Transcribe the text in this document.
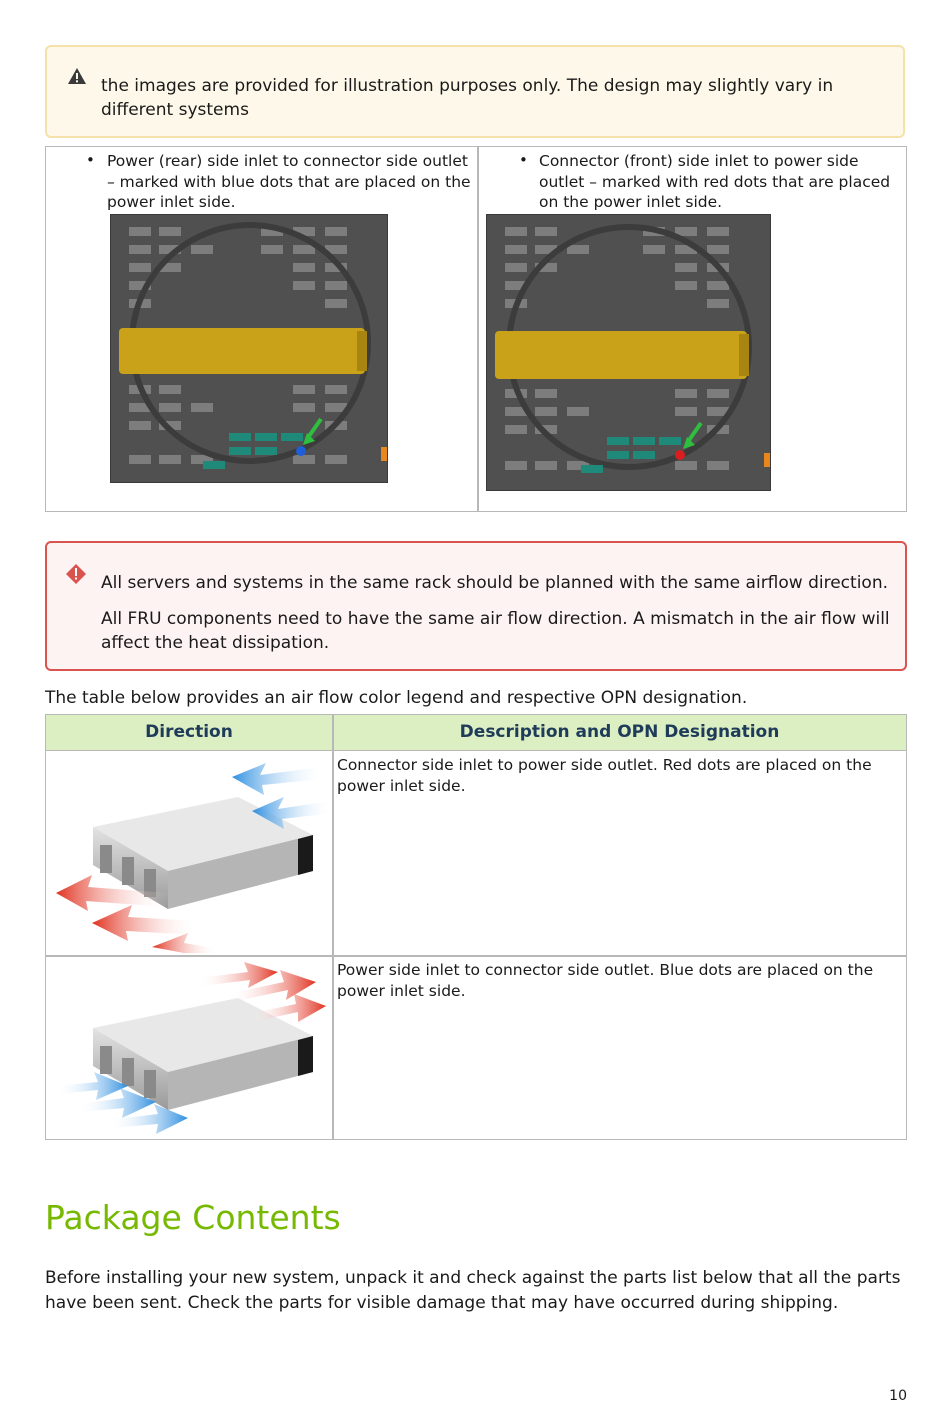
the images are provided for illustration purposes only. The design may slightly vary in different systems
• Power (rear) side inlet to connector side outlet – marked with blue dots that are placed on the power inlet side.
• Connector (front) side inlet to power side outlet – marked with red dots that are placed on the power inlet side.
All servers and systems in the same rack should be planned with the same airflow direction.
All FRU components need to have the same air flow direction. A mismatch in the air flow will affect the heat dissipation.
The table below provides an air flow color legend and respective OPN designation.
Direction	Description and OPN Designation
Connector side inlet to power side outlet. Red dots are placed on the power inlet side.
Power side inlet to connector side outlet. Blue dots are placed on the power inlet side.
Package Contents
Before installing your new system, unpack it and check against the parts list below that all the parts have been sent. Check the parts for visible damage that may have occurred during shipping.
10
